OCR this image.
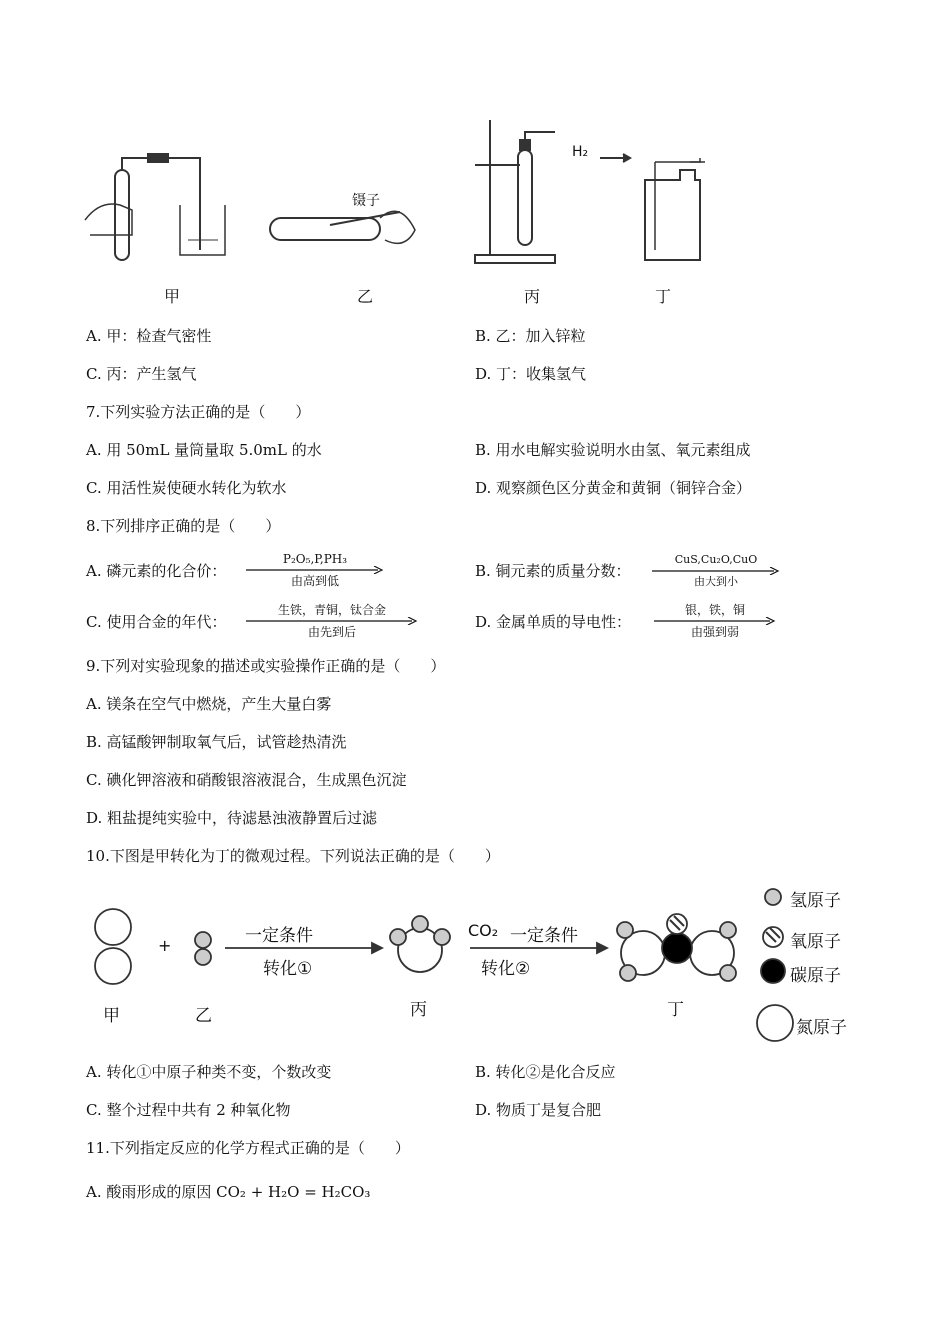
镊子
H₂
甲	乙	丙	丁
A. 甲：检查气密性	B. 乙：加入锌粒
C. 丙：产生氢气	D. 丁：收集氢气
7.下列实验方法正确的是（　　）
A. 用 50mL 量筒量取 5.0mL 的水	B. 用水电解实验说明水由氢、氧元素组成
C. 用活性炭使硬水转化为软水	D. 观察颜色区分黄金和黄铜（铜锌合金）
8.下列排序正确的是（　　）
A. 磷元素的化合价：
P₂O₅,P,PH₃
由高到低
B. 铜元素的质量分数：
CuS,Cu₂O,CuO
由大到小
C. 使用合金的年代：
生铁，青铜，钛合金
由先到后
D. 金属单质的导电性：
银，铁，铜
由强到弱
9.下列对实验现象的描述或实验操作正确的是（　　）
A. 镁条在空气中燃烧，产生大量白雾
B. 高锰酸钾制取氧气后，试管趁热清洗
C. 碘化钾溶液和硝酸银溶液混合，生成黑色沉淀
D. 粗盐提纯实验中，待滤悬浊液静置后过滤
10.下图是甲转化为丁的微观过程。下列说法正确的是（　　）
+	一定条件
转化①
CO₂ 一定条件
转化②
甲	乙	丙	丁
氢原子
氧原子
碳原子
氮原子
A. 转化①中原子种类不变，个数改变	B. 转化②是化合反应
C. 整个过程中共有 2 种氧化物	D. 物质丁是复合肥
11.下列指定反应的化学方程式正确的是（　　）
A. 酸雨形成的原因 CO₂ + H₂O = H₂CO₃
